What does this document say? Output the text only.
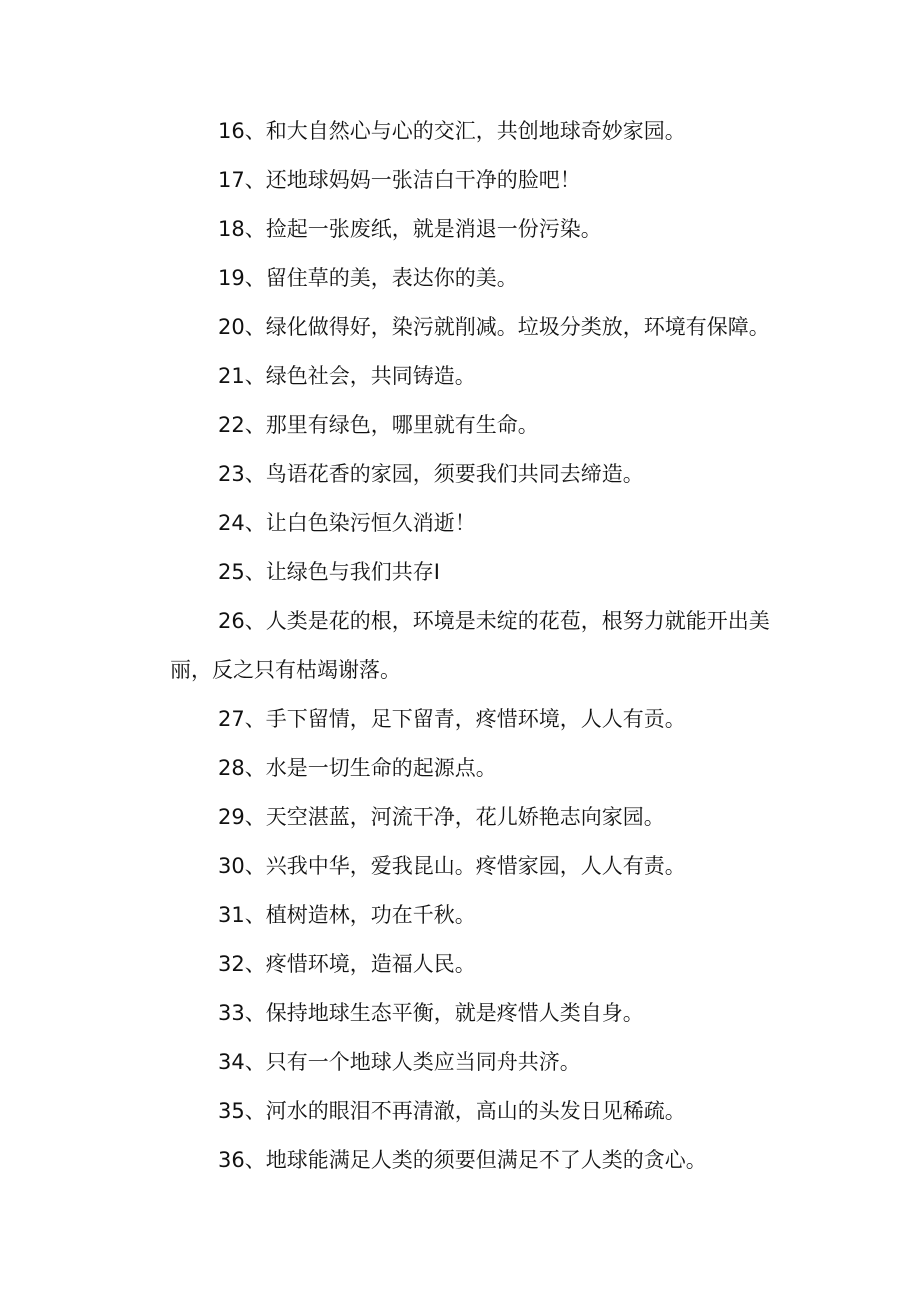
16、和大自然心与心的交汇，共创地球奇妙家园。
17、还地球妈妈一张洁白干净的脸吧！
18、捡起一张废纸，就是消退一份污染。
19、留住草的美，表达你的美。
20、绿化做得好，染污就削减。垃圾分类放，环境有保障。
21、绿色社会，共同铸造。
22、那里有绿色，哪里就有生命。
23、鸟语花香的家园，须要我们共同去缔造。
24、让白色染污恒久消逝！
25、让绿色与我们共存I
26、人类是花的根，环境是未绽的花苞，根努力就能开出美
丽，反之只有枯竭谢落。
27、手下留情，足下留青，疼惜环境，人人有贡。
28、水是一切生命的起源点。
29、天空湛蓝，河流干净，花儿娇艳志向家园。
30、兴我中华，爱我昆山。疼惜家园，人人有责。
31、植树造林，功在千秋。
32、疼惜环境，造福人民。
33、保持地球生态平衡，就是疼惜人类自身。
34、只有一个地球人类应当同舟共济。
35、河水的眼泪不再清澈，高山的头发日见稀疏。
36、地球能满足人类的须要但满足不了人类的贪心。
